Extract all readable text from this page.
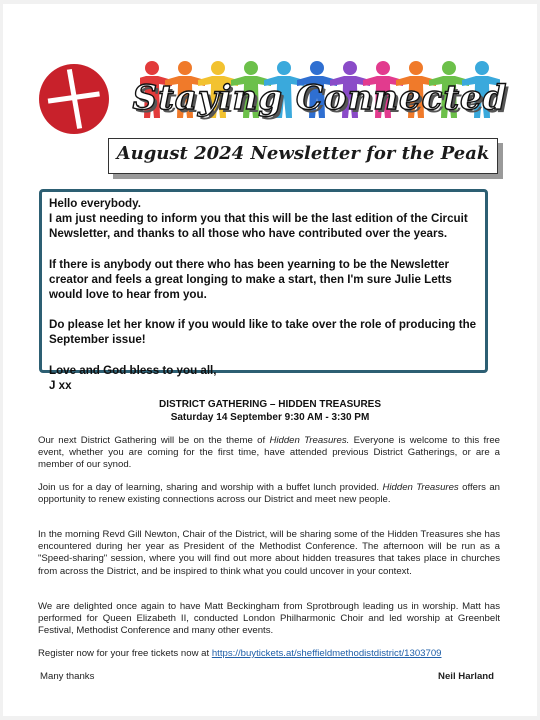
Staying Connected
August 2024 Newsletter for the Peak

Hello everybody.

I am just needing to inform you that this will be the last edition of the Circuit Newsletter, and thanks to all those who have contributed over the years.

If there is anybody out there who has been yearning to be the Newsletter creator and feels a great longing to make a start, then I'm sure Julie Letts would love to hear from you.

Do please let her know if you would like to take over the role of producing the September issue!

Love and God bless to you all,

J xx

DISTRICT GATHERING – HIDDEN TREASURES
Saturday 14 September 9:30 AM - 3:30 PM
Our next District Gathering will be on the theme of Hidden Treasures. Everyone is welcome to this free event, whether you are coming for the first time, have attended previous District Gatherings, or are a member of our synod.
Join us for a day of learning, sharing and worship with a buffet lunch provided. Hidden Treasures offers an opportunity to renew existing connections across our District and meet new people.
In the morning Revd Gill Newton, Chair of the District, will be sharing some of the Hidden Treasures she has encountered during her year as President of the Methodist Conference. The afternoon will be run as a "Speed-sharing" session, where you will find out more about hidden treasures that takes place in churches from across the District, and be inspired to think what you could uncover in your context.
We are delighted once again to have Matt Beckingham from Sprotbrough leading us in worship. Matt has performed for Queen Elizabeth II, conducted London Philharmonic Choir and led worship at Greenbelt Festival, Methodist Conference and many other events.
Register now for your free tickets now at https://buytickets.at/sheffieldmethodistdistrict/1303709
Many thanks	Neil Harland
